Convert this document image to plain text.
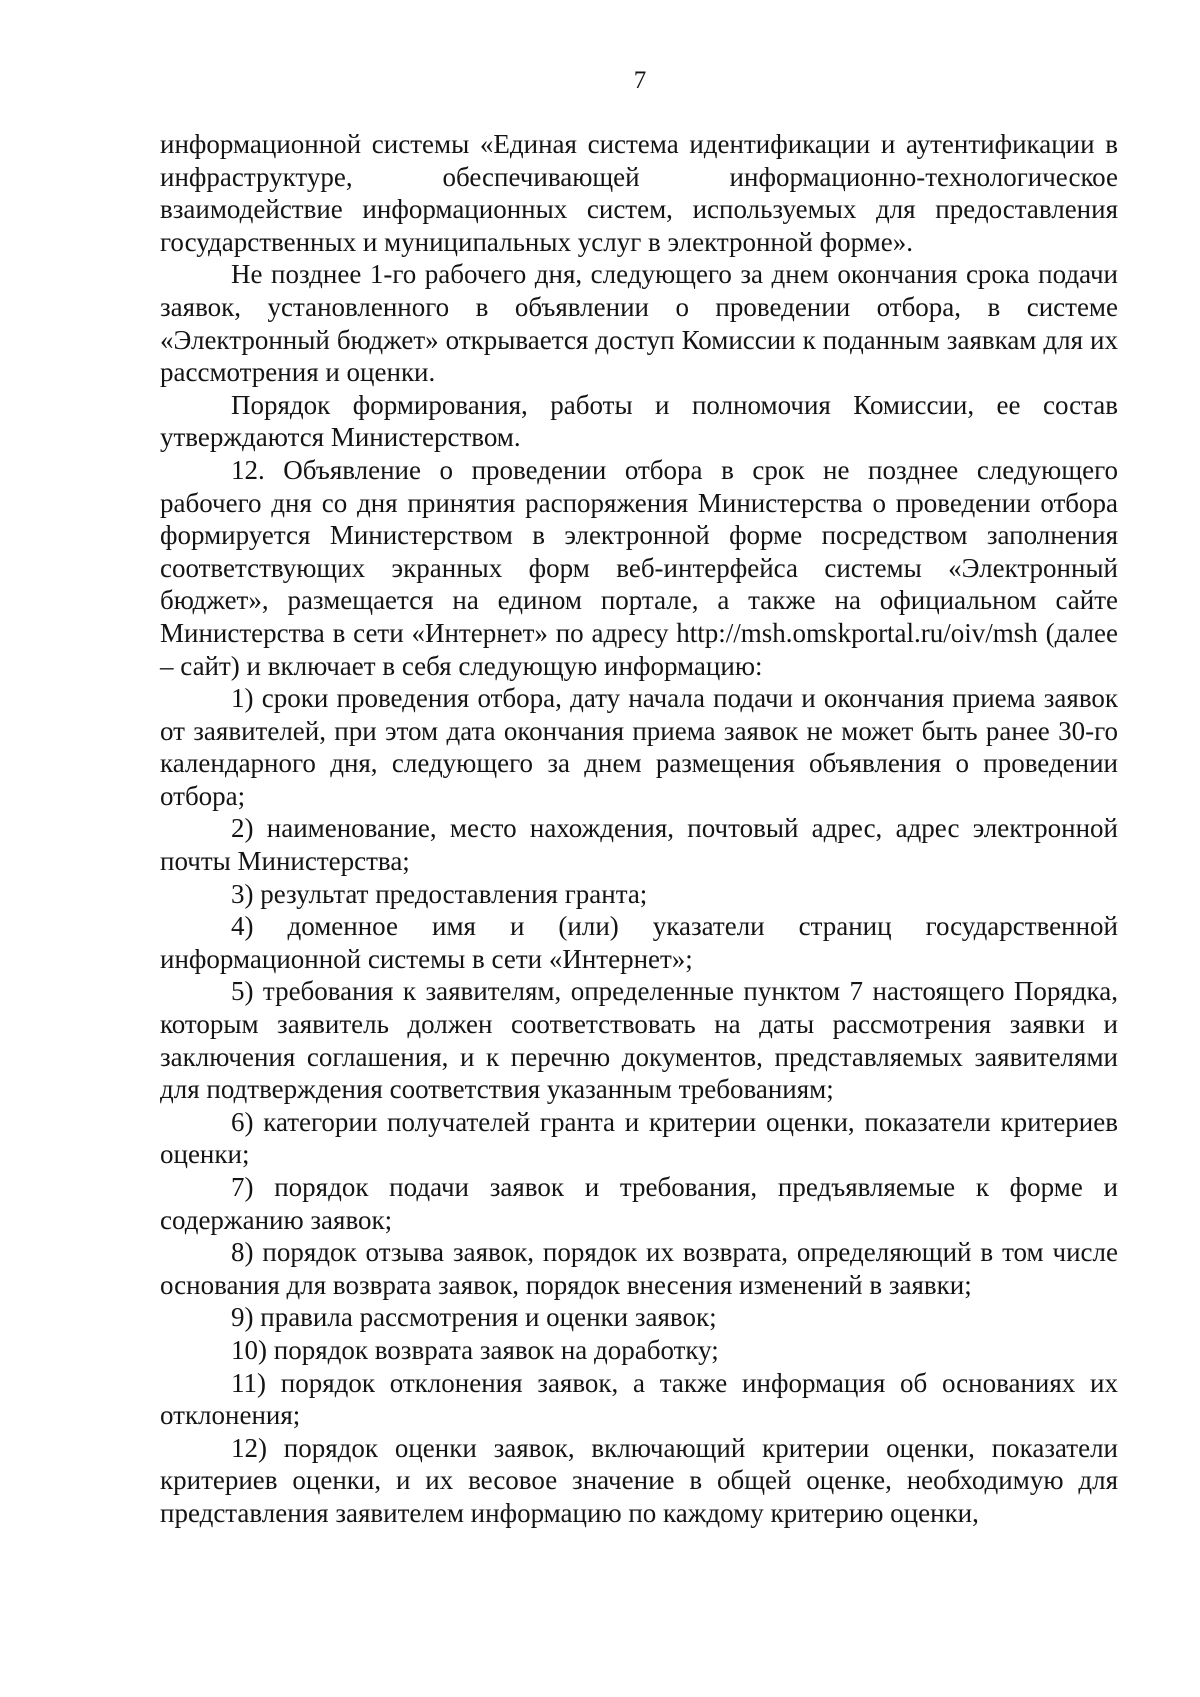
7

информационной системы «Единая система идентификации и аутентификации в инфраструктуре, обеспечивающей информационно-технологическое взаимодействие информационных систем, используемых для предоставления государственных и муниципальных услуг в электронной форме».

Не позднее 1-го рабочего дня, следующего за днем окончания срока подачи заявок, установленного в объявлении о проведении отбора, в системе «Электронный бюджет» открывается доступ Комиссии к поданным заявкам для их рассмотрения и оценки.

Порядок формирования, работы и полномочия Комиссии, ее состав утверждаются Министерством.

12. Объявление о проведении отбора в срок не позднее следующего рабочего дня со дня принятия распоряжения Министерства о проведении отбора формируется Министерством в электронной форме посредством заполнения соответствующих экранных форм веб-интерфейса системы «Электронный бюджет», размещается на едином портале, а также на официальном сайте Министерства в сети «Интернет» по адресу http://msh.omskportal.ru/oiv/msh (далее – сайт) и включает в себя следующую информацию:

1) сроки проведения отбора, дату начала подачи и окончания приема заявок от заявителей, при этом дата окончания приема заявок не может быть ранее 30-го календарного дня, следующего за днем размещения объявления о проведении отбора;

2) наименование, место нахождения, почтовый адрес, адрес электронной почты Министерства;

3) результат предоставления гранта;

4) доменное имя и (или) указатели страниц государственной информационной системы в сети «Интернет»;

5) требования к заявителям, определенные пунктом 7 настоящего Порядка, которым заявитель должен соответствовать на даты рассмотрения заявки и заключения соглашения, и к перечню документов, представляемых заявителями для подтверждения соответствия указанным требованиям;

6) категории получателей гранта и критерии оценки, показатели критериев оценки;

7) порядок подачи заявок и требования, предъявляемые к форме и содержанию заявок;

8) порядок отзыва заявок, порядок их возврата, определяющий в том числе основания для возврата заявок, порядок внесения изменений в заявки;

9) правила рассмотрения и оценки заявок;

10) порядок возврата заявок на доработку;

11) порядок отклонения заявок, а также информация об основаниях их отклонения;

12) порядок оценки заявок, включающий критерии оценки, показатели критериев оценки, и их весовое значение в общей оценке, необходимую для представления заявителем информацию по каждому критерию оценки,
